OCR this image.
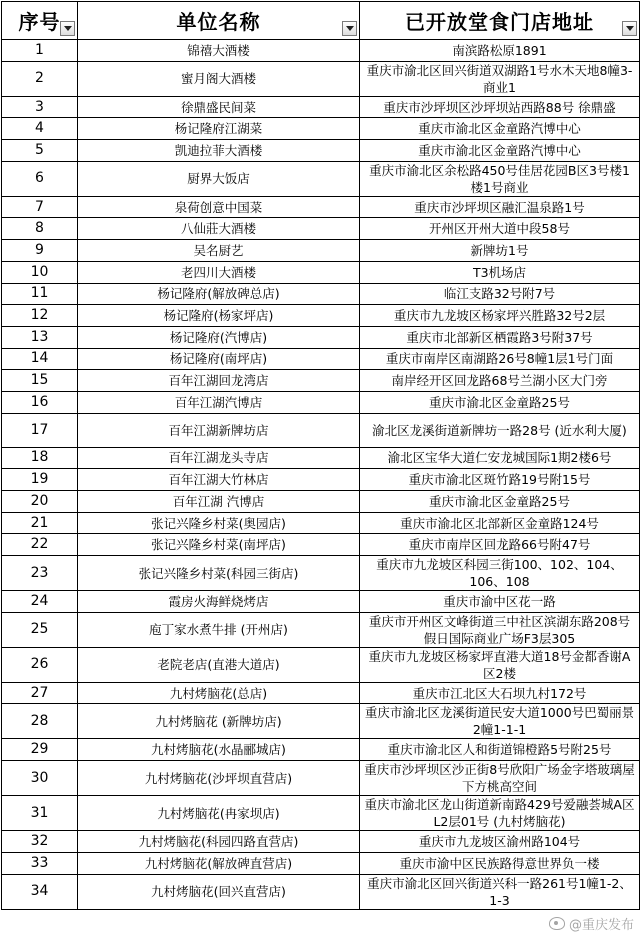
序号	单位名称	已开放堂食门店地址

1	锦禧大酒楼	南滨路松原1891
2	蜜月阁大酒楼	重庆市渝北区回兴街道双湖路1号水木天地8幢3-商业1
3	徐鼎盛民间菜	重庆市沙坪坝区沙坪坝站西路88号 徐鼎盛
4	杨记隆府江湖菜	重庆市渝北区金童路汽博中心
5	凯迪拉菲大酒楼	重庆市渝北区金童路汽博中心
6	厨界大饭店	重庆市渝北区余松路450号佳居花园B区3号楼1楼1号商业
7	泉荷创意中国菜	重庆市沙坪坝区融汇温泉路1号
8	八仙莊大酒楼	开州区开州大道中段58号
9	吴名厨艺	新牌坊1号
10	老四川大酒楼	T3机场店
11	杨记隆府(解放碑总店)	临江支路32号附7号
12	杨记隆府(杨家坪店)	重庆市九龙坡区杨家坪兴胜路32号2层
13	杨记隆府(汽博店)	重庆市北部新区栖霞路3号附37号
14	杨记隆府(南坪店)	重庆市南岸区南湖路26号8幢1层1号门面
15	百年江湖回龙湾店	南岸经开区回龙路68号兰湖小区大门旁
16	百年江湖汽博店	重庆市渝北区金童路25号
17	百年江湖新牌坊店	渝北区龙溪街道新牌坊一路28号 (近水利大厦)
18	百年江湖龙头寺店	渝北区宝华大道仁安龙城国际1期2楼6号
19	百年江湖大竹林店	重庆市渝北区斑竹路19号附15号
20	百年江湖 汽博店	重庆市渝北区金童路25号
21	张记兴隆乡村菜(奥园店)	重庆市渝北区北部新区金童路124号
22	张记兴隆乡村菜(南坪店)	重庆市南岸区回龙路66号附47号
23	张记兴隆乡村菜(科园三街店)	重庆市九龙坡区科园三街100、102、104、106、108
24	霞房火海鲜烧烤店	重庆市渝中区花一路
25	庖丁家水煮牛排 (开州店)	重庆市开州区文峰街道三中社区滨湖东路208号假日国际商业广场F3层305
26	老院老店(直港大道店)	重庆市九龙坡区杨家坪直港大道18号金都香谢A区2楼
27	九村烤脑花(总店)	重庆市江北区大石坝九村172号
28	九村烤脑花 (新牌坊店)	重庆市渝北区龙溪街道民安大道1000号巴蜀丽景2幢1-1-1
29	九村烤脑花(水晶郦城店)	重庆市渝北区人和街道锦橙路5号附25号
30	九村烤脑花(沙坪坝直营店)	重庆市沙坪坝区沙正街8号欣阳广场金字塔玻璃屋下方桃高空间
31	九村烤脑花(冉家坝店)	重庆市渝北区龙山街道新南路429号爱融荟城A区L2层01号 (九村烤脑花)
32	九村烤脑花(科园四路直营店)	重庆市九龙坡区渝州路104号
33	九村烤脑花(解放碑直营店)	重庆市渝中区民族路得意世界负一楼
34	九村烤脑花(回兴直营店)	重庆市渝北区回兴街道兴科一路261号1幢1-2、1-3
@重庆发布
